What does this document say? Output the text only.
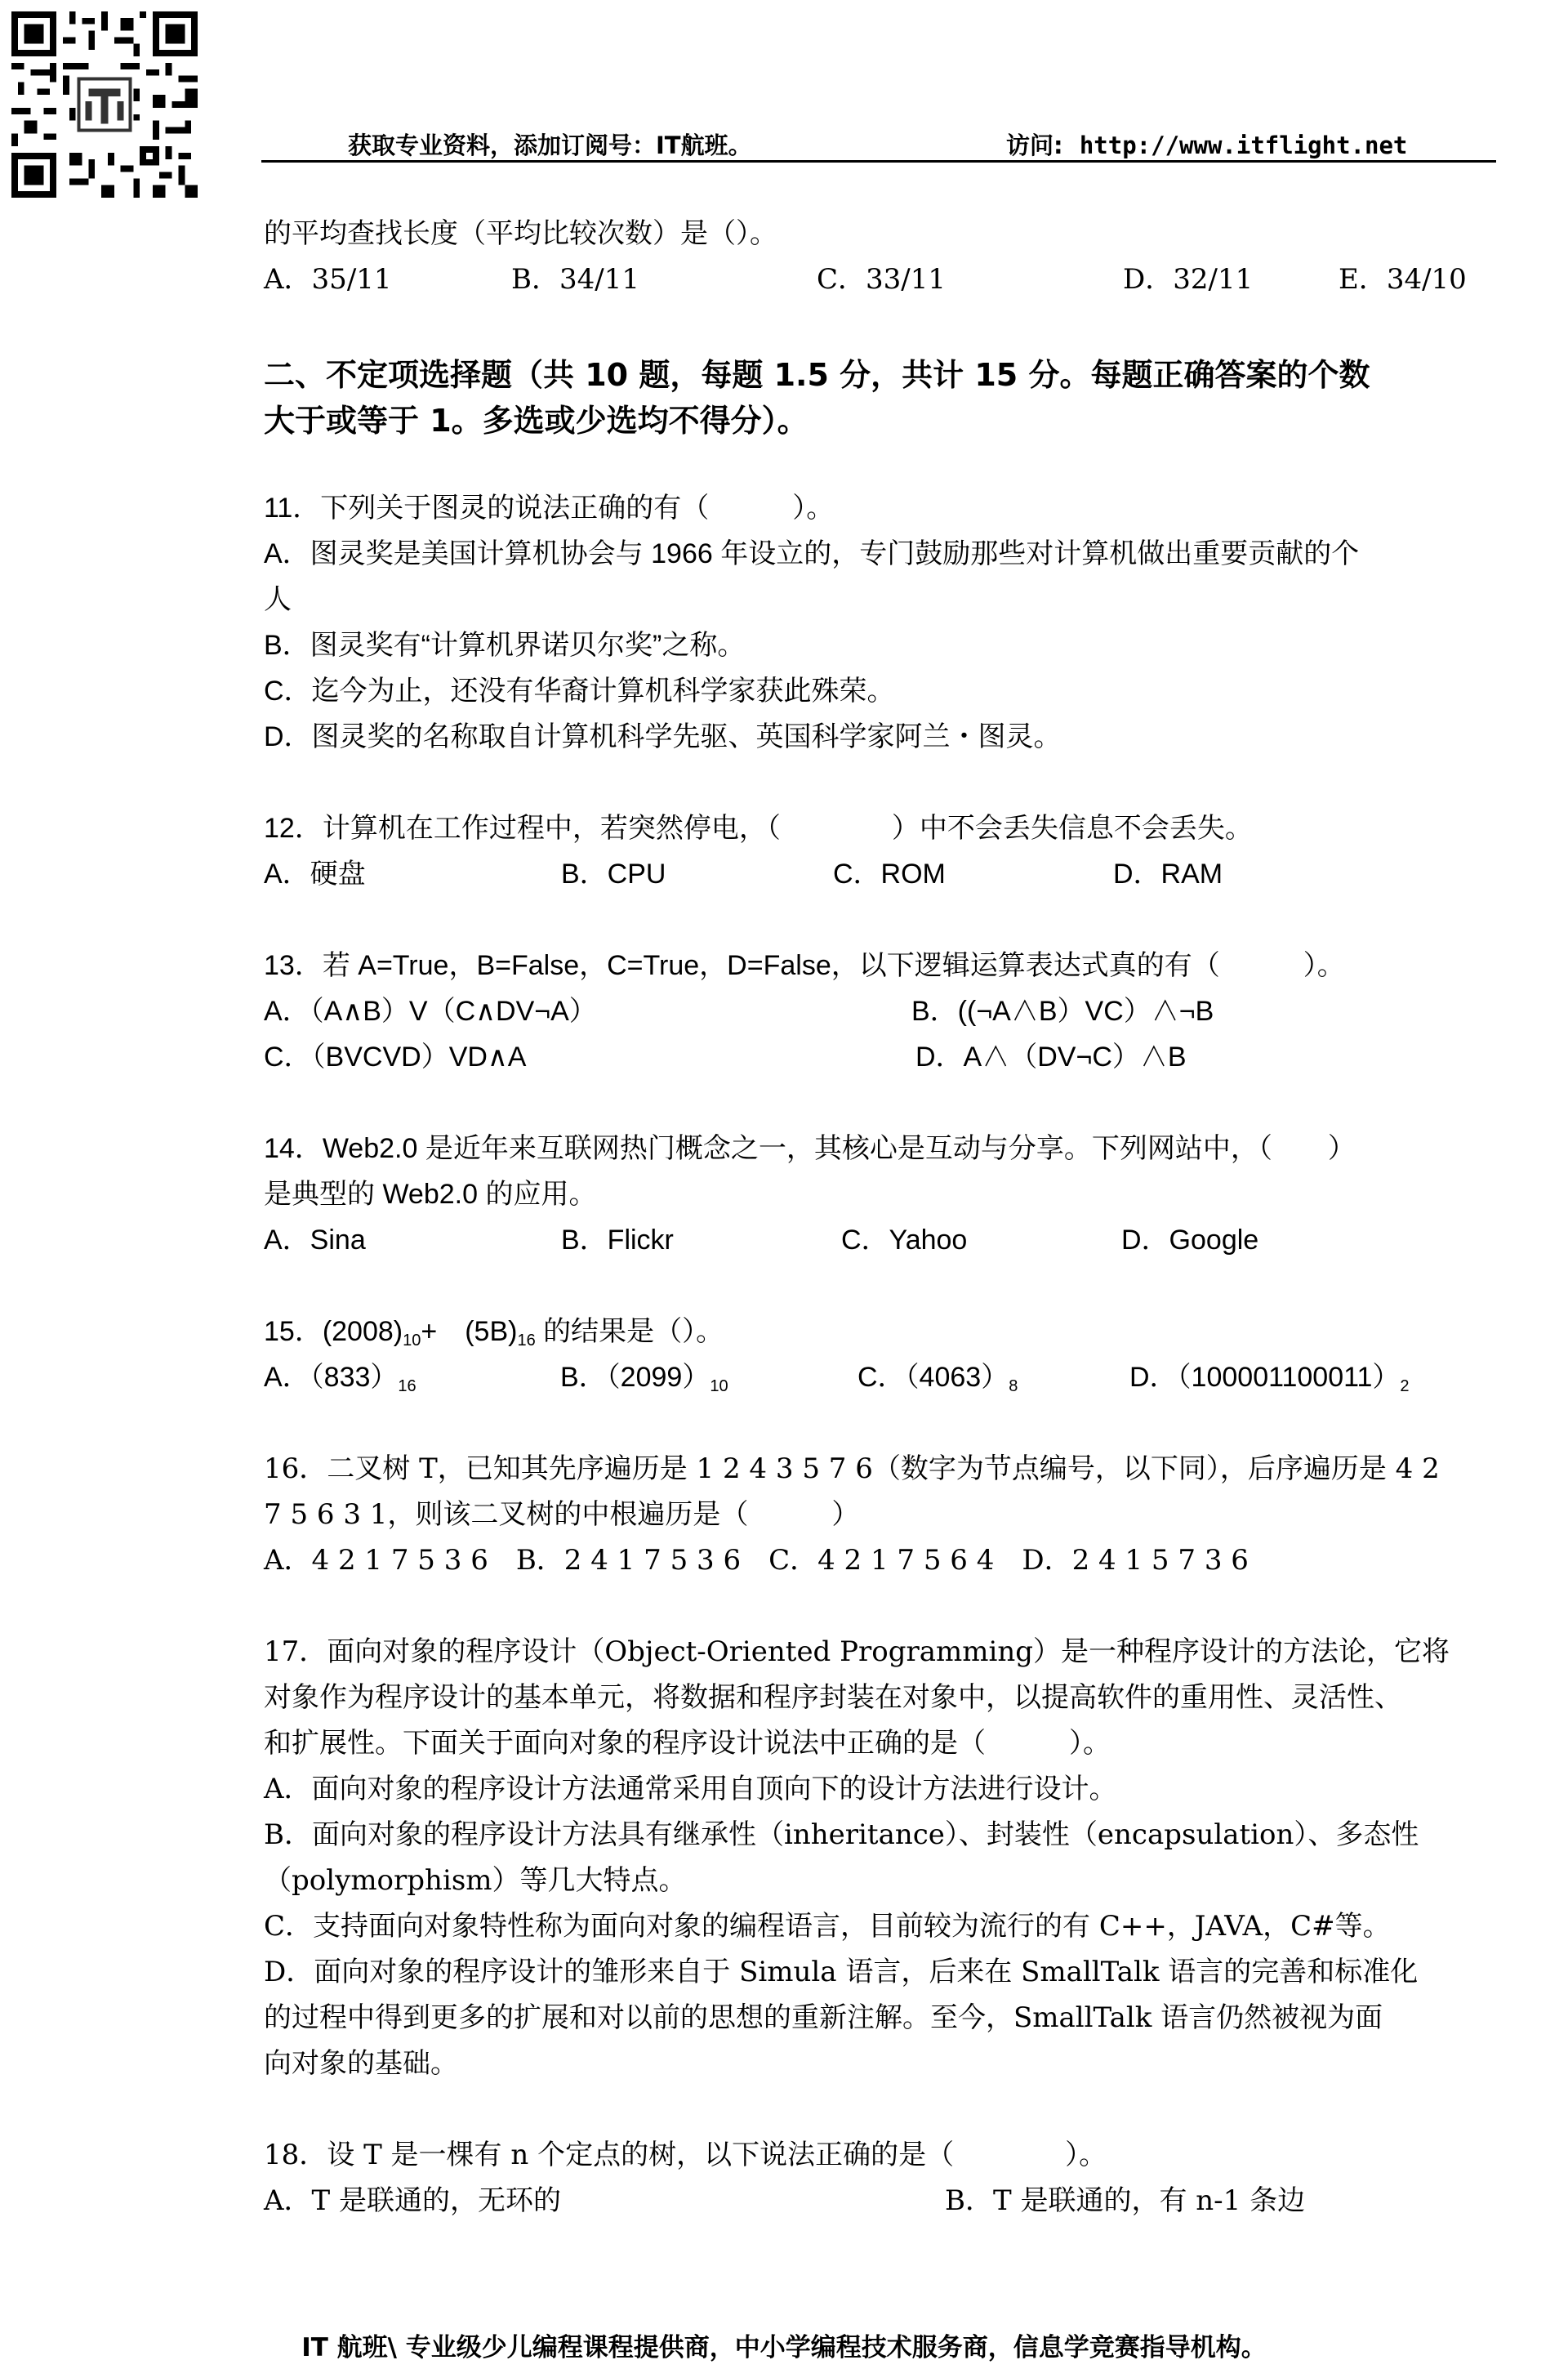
获取专业资料，添加订阅号：IT航班。	访问: http://www.itflight.net
的平均查找长度（平均比较次数）是（）。
A．35/11	B．34/11	C．33/11	D．32/11	E．34/10
二、不定项选择题（共 10 题，每题 1.5 分，共计 15 分。每题正确答案的个数
大于或等于 1。多选或少选均不得分）。
11．下列关于图灵的说法正确的有（　　　）。
A．图灵奖是美国计算机协会与 1966 年设立的，专门鼓励那些对计算机做出重要贡献的个
人
B．图灵奖有“计算机界诺贝尔奖”之称。
C．迄今为止，还没有华裔计算机科学家获此殊荣。
D．图灵奖的名称取自计算机科学先驱、英国科学家阿兰・图灵。
12．计算机在工作过程中，若突然停电，（　　　　）中不会丢失信息不会丢失。
A．硬盘	B．CPU	C．ROM	D．RAM
13．若 A=True，B=False，C=True，D=False，以下逻辑运算表达式真的有（　　　）。
A．（A∧B）V（C∧DV¬A）	B．((¬A∧B）VC）∧¬B
C．（BVCVD）VD∧A	D．A∧（DV¬C）∧B
14．Web2.0 是近年来互联网热门概念之一，其核心是互动与分享。下列网站中，（　　）
是典型的 Web2.0 的应用。
A．Sina	B．Flickr	C．Yahoo	D．Google
15．$(2008)_{10}+$　$(5B)_{16}$ 的结果是（）。
A．$(833)_{16}$	B．$(2099)_{10}$	C．$(4063)_8$	D．$(100001100011)_2$
16．二叉树 T，已知其先序遍历是 1 2 4 3 5 7 6（数字为节点编号，以下同），后序遍历是 4 2
7 5 6 3 1，则该二叉树的中根遍历是（　　　）
A．4 2 1 7 5 3 6　B．2 4 1 7 5 3 6　C．4 2 1 7 5 6 4　D．2 4 1 5 7 3 6
17．面向对象的程序设计（Object-Oriented Programming）是一种程序设计的方法论，它将
对象作为程序设计的基本单元，将数据和程序封装在对象中，以提高软件的重用性、灵活性、
和扩展性。下面关于面向对象的程序设计说法中正确的是（　　　）。
A．面向对象的程序设计方法通常采用自顶向下的设计方法进行设计。
B．面向对象的程序设计方法具有继承性（inheritance）、封装性（encapsulation）、多态性
（polymorphism）等几大特点。
C．支持面向对象特性称为面向对象的编程语言，目前较为流行的有 C++，JAVA，C#等。
D．面向对象的程序设计的雏形来自于 Simula 语言，后来在 SmallTalk 语言的完善和标准化
的过程中得到更多的扩展和对以前的思想的重新注解。至今，SmallTalk 语言仍然被视为面
向对象的基础。
18．设 T 是一棵有 n 个定点的树，以下说法正确的是（　　　　）。
A．T 是联通的，无环的	B．T 是联通的，有 n-1 条边
IT 航班\ 专业级少儿编程课程提供商，中小学编程技术服务商，信息学竞赛指导机构。
